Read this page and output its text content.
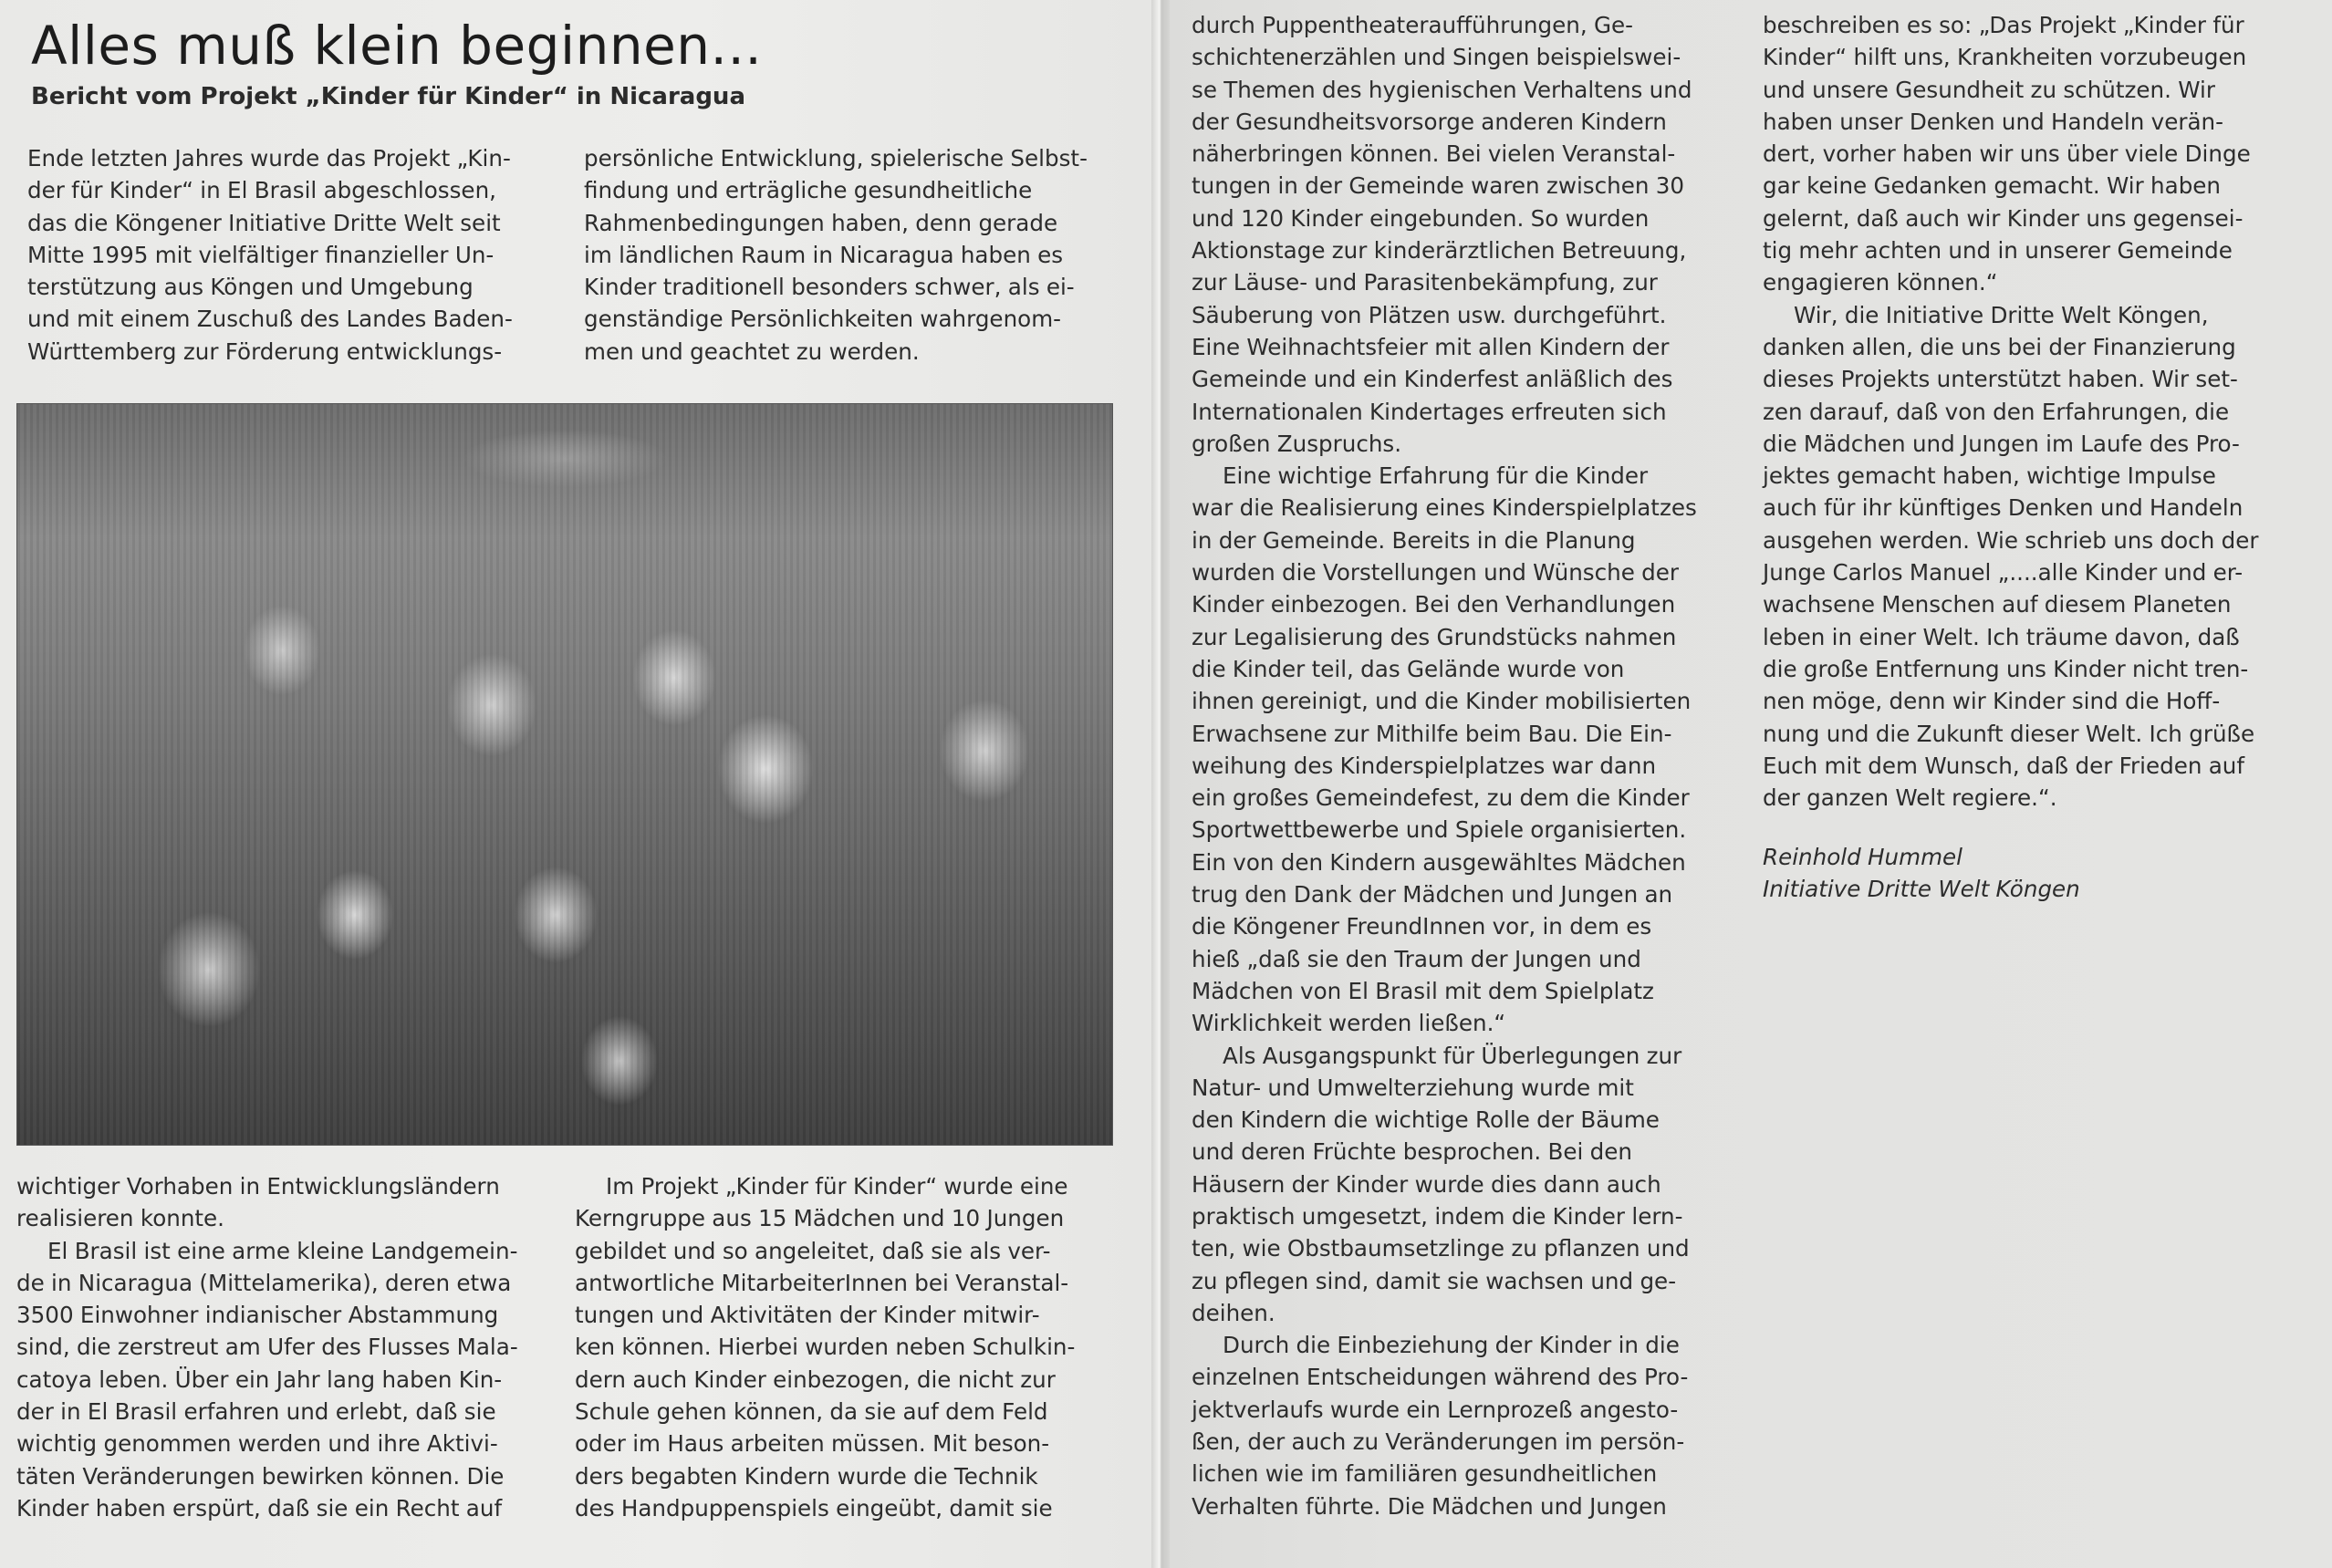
Alles muß klein beginnen...
Bericht vom Projekt „Kinder für Kinder“ in Nicaragua
Ende letzten Jahres wurde das Projekt „Kin-
der für Kinder“ in El Brasil abgeschlossen,
das die Köngener Initiative Dritte Welt seit
Mitte 1995 mit vielfältiger finanzieller Un-
terstützung aus Köngen und Umgebung
und mit einem Zuschuß des Landes Baden-
Württemberg zur Förderung entwicklungs-
persönliche Entwicklung, spielerische Selbst-
findung und erträgliche gesundheitliche
Rahmenbedingungen haben, denn gerade
im ländlichen Raum in Nicaragua haben es
Kinder traditionell besonders schwer, als ei-
genständige Persönlichkeiten wahrgenom-
men und geachtet zu werden.
wichtiger Vorhaben in Entwicklungsländern
realisieren konnte.
El Brasil ist eine arme kleine Landgemein-
de in Nicaragua (Mittelamerika), deren etwa
3500 Einwohner indianischer Abstammung
sind, die zerstreut am Ufer des Flusses Mala-
catoya leben. Über ein Jahr lang haben Kin-
der in El Brasil erfahren und erlebt, daß sie
wichtig genommen werden und ihre Aktivi-
täten Veränderungen bewirken können. Die
Kinder haben erspürt, daß sie ein Recht auf
Im Projekt „Kinder für Kinder“ wurde eine
Kerngruppe aus 15 Mädchen und 10 Jungen
gebildet und so angeleitet, daß sie als ver-
antwortliche MitarbeiterInnen bei Veranstal-
tungen und Aktivitäten der Kinder mitwir-
ken können. Hierbei wurden neben Schulkin-
dern auch Kinder einbezogen, die nicht zur
Schule gehen können, da sie auf dem Feld
oder im Haus arbeiten müssen. Mit beson-
ders begabten Kindern wurde die Technik
des Handpuppenspiels eingeübt, damit sie
durch Puppentheateraufführungen, Ge-
schichtenerzählen und Singen beispielswei-
se Themen des hygienischen Verhaltens und
der Gesundheitsvorsorge anderen Kindern
näherbringen können. Bei vielen Veranstal-
tungen in der Gemeinde waren zwischen 30
und 120 Kinder eingebunden. So wurden
Aktionstage zur kinderärztlichen Betreuung,
zur Läuse- und Parasitenbekämpfung, zur
Säuberung von Plätzen usw. durchgeführt.
Eine Weihnachtsfeier mit allen Kindern der
Gemeinde und ein Kinderfest anläßlich des
Internationalen Kindertages erfreuten sich
großen Zuspruchs.
Eine wichtige Erfahrung für die Kinder
war die Realisierung eines Kinderspielplatzes
in der Gemeinde. Bereits in die Planung
wurden die Vorstellungen und Wünsche der
Kinder einbezogen. Bei den Verhandlungen
zur Legalisierung des Grundstücks nahmen
die Kinder teil, das Gelände wurde von
ihnen gereinigt, und die Kinder mobilisierten
Erwachsene zur Mithilfe beim Bau. Die Ein-
weihung des Kinderspielplatzes war dann
ein großes Gemeindefest, zu dem die Kinder
Sportwettbewerbe und Spiele organisierten.
Ein von den Kindern ausgewähltes Mädchen
trug den Dank der Mädchen und Jungen an
die Köngener FreundInnen vor, in dem es
hieß „daß sie den Traum der Jungen und
Mädchen von El Brasil mit dem Spielplatz
Wirklichkeit werden ließen.“
Als Ausgangspunkt für Überlegungen zur
Natur- und Umwelterziehung wurde mit
den Kindern die wichtige Rolle der Bäume
und deren Früchte besprochen. Bei den
Häusern der Kinder wurde dies dann auch
praktisch umgesetzt, indem die Kinder lern-
ten, wie Obstbaumsetzlinge zu pflanzen und
zu pflegen sind, damit sie wachsen und ge-
deihen.
Durch die Einbeziehung der Kinder in die
einzelnen Entscheidungen während des Pro-
jektverlaufs wurde ein Lernprozeß angesto-
ßen, der auch zu Veränderungen im persön-
lichen wie im familiären gesundheitlichen
Verhalten führte. Die Mädchen und Jungen
beschreiben es so: „Das Projekt „Kinder für
Kinder“ hilft uns, Krankheiten vorzubeugen
und unsere Gesundheit zu schützen. Wir
haben unser Denken und Handeln verän-
dert, vorher haben wir uns über viele Dinge
gar keine Gedanken gemacht. Wir haben
gelernt, daß auch wir Kinder uns gegensei-
tig mehr achten und in unserer Gemeinde
engagieren können.“
Wir, die Initiative Dritte Welt Köngen,
danken allen, die uns bei der Finanzierung
dieses Projekts unterstützt haben. Wir set-
zen darauf, daß von den Erfahrungen, die
die Mädchen und Jungen im Laufe des Pro-
jektes gemacht haben, wichtige Impulse
auch für ihr künftiges Denken und Handeln
ausgehen werden. Wie schrieb uns doch der
Junge Carlos Manuel „....alle Kinder und er-
wachsene Menschen auf diesem Planeten
leben in einer Welt. Ich träume davon, daß
die große Entfernung uns Kinder nicht tren-
nen möge, denn wir Kinder sind die Hoff-
nung und die Zukunft dieser Welt. Ich grüße
Euch mit dem Wunsch, daß der Frieden auf
der ganzen Welt regiere.“.
Reinhold Hummel
Initiative Dritte Welt Köngen
